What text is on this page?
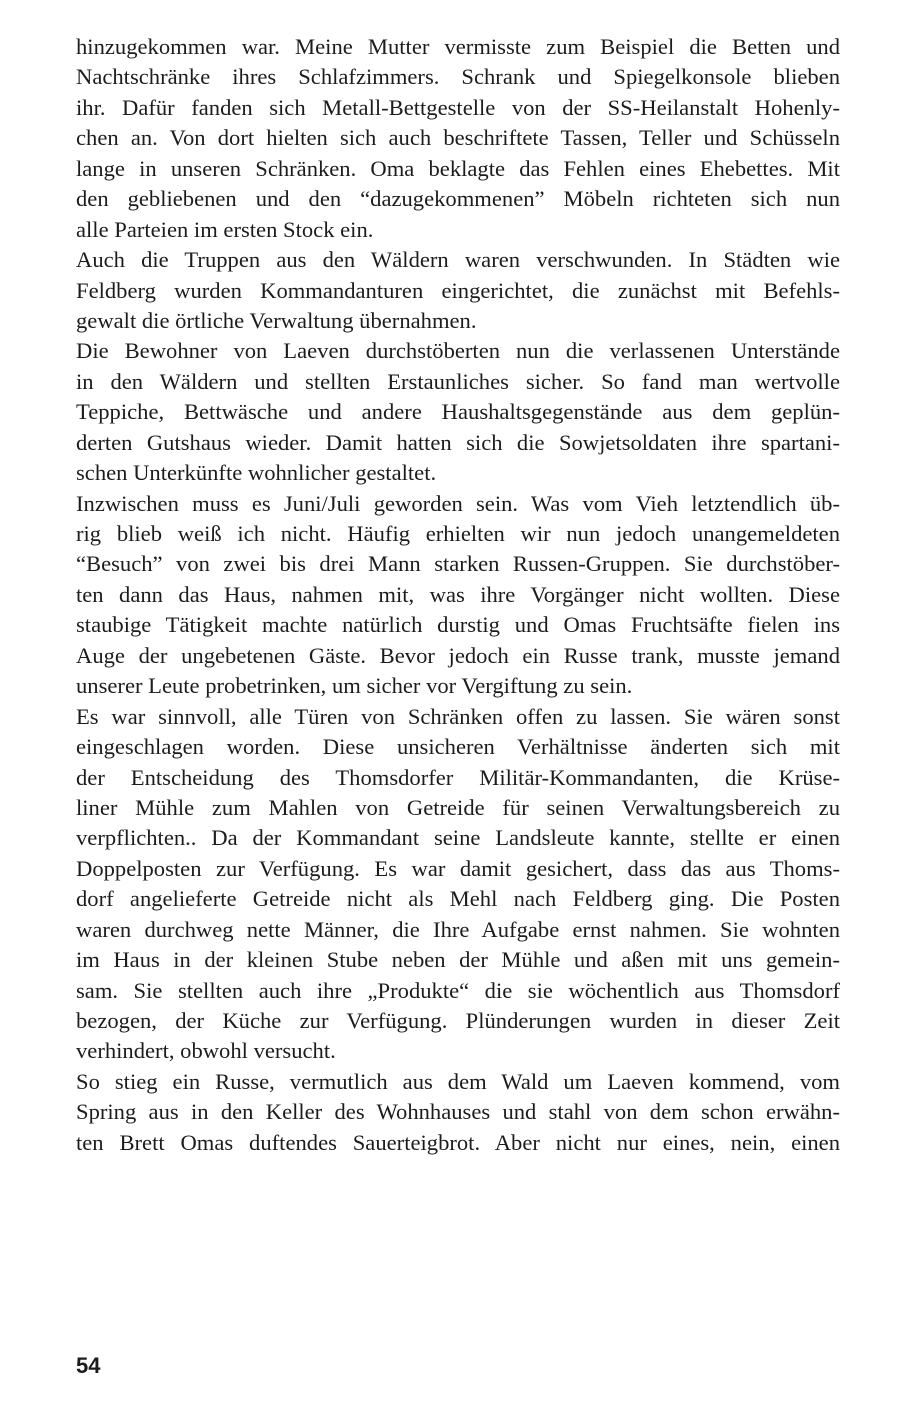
hinzugekommen war. Meine Mutter vermisste zum Beispiel die Betten und
Nachtschränke ihres Schlafzimmers. Schrank und Spiegelkonsole blieben
ihr. Dafür fanden sich Metall-Bettgestelle von der SS-Heilanstalt Hohenly-
chen an. Von dort hielten sich auch beschriftete Tassen, Teller und Schüsseln
lange in unseren Schränken. Oma beklagte das Fehlen eines Ehebettes. Mit
den gebliebenen und den “dazugekommenen” Möbeln richteten sich nun
alle Parteien im ersten Stock ein.
Auch die Truppen aus den Wäldern waren verschwunden. In Städten wie
Feldberg wurden Kommandanturen eingerichtet, die zunächst mit Befehls-
gewalt die örtliche Verwaltung übernahmen.
Die Bewohner von Laeven durchstöberten nun die verlassenen Unterstände
in den Wäldern und stellten Erstaunliches sicher. So fand man wertvolle
Teppiche, Bettwäsche und andere Haushaltsgegenstände aus dem geplün-
derten Gutshaus wieder. Damit hatten sich die Sowjetsoldaten ihre spartani-
schen Unterkünfte wohnlicher gestaltet.
Inzwischen muss es Juni/Juli geworden sein. Was vom Vieh letztendlich üb-
rig blieb weiß ich nicht. Häufig erhielten wir nun jedoch unangemeldeten
“Besuch” von zwei bis drei Mann starken Russen-Gruppen. Sie durchstöber-
ten dann das Haus, nahmen mit, was ihre Vorgänger nicht wollten. Diese
staubige Tätigkeit machte natürlich durstig und Omas Fruchtsäfte fielen ins
Auge der ungebetenen Gäste. Bevor jedoch ein Russe trank, musste jemand
unserer Leute probetrinken, um sicher vor Vergiftung zu sein.
Es war sinnvoll, alle Türen von Schränken offen zu lassen. Sie wären sonst
eingeschlagen worden. Diese unsicheren Verhältnisse änderten sich mit
der Entscheidung des Thomsdorfer Militär-Kommandanten, die Krüse-
liner Mühle zum Mahlen von Getreide für seinen Verwaltungsbereich zu
verpflichten.. Da der Kommandant seine Landsleute kannte, stellte er einen
Doppelposten zur Verfügung. Es war damit gesichert, dass das aus Thoms-
dorf angelieferte Getreide nicht als Mehl nach Feldberg ging. Die Posten
waren durchweg nette Männer, die Ihre Aufgabe ernst nahmen. Sie wohnten
im Haus in der kleinen Stube neben der Mühle und aßen mit uns gemein-
sam. Sie stellten auch ihre „Produkte“ die sie wöchentlich aus Thomsdorf
bezogen, der Küche zur Verfügung. Plünderungen wurden in dieser Zeit
verhindert, obwohl versucht.
So stieg ein Russe, vermutlich aus dem Wald um Laeven kommend, vom
Spring aus in den Keller des Wohnhauses und stahl von dem schon erwähn-
ten Brett Omas duftendes Sauerteigbrot. Aber nicht nur eines, nein, einen
54
